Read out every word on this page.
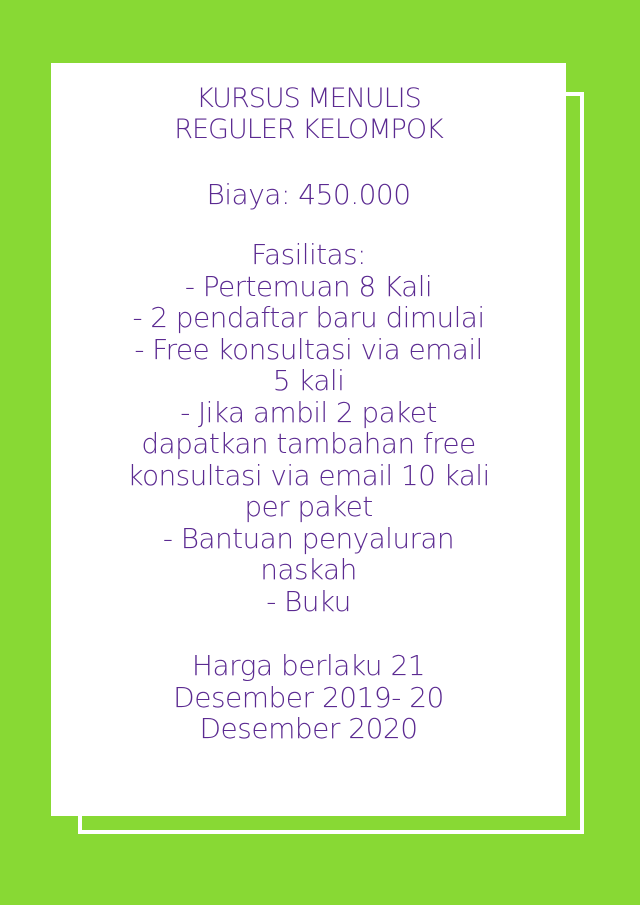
KURSUS MENULIS
REGULER KELOMPOK
Biaya: 450.000
Fasilitas:
- Pertemuan 8 Kali
- 2 pendaftar baru dimulai
- Free konsultasi via email
5 kali
- Jika ambil 2 paket
dapatkan tambahan free
konsultasi via email 10 kali
per paket
- Bantuan penyaluran
naskah
- Buku
Harga berlaku 21
Desember 2019- 20
Desember 2020
